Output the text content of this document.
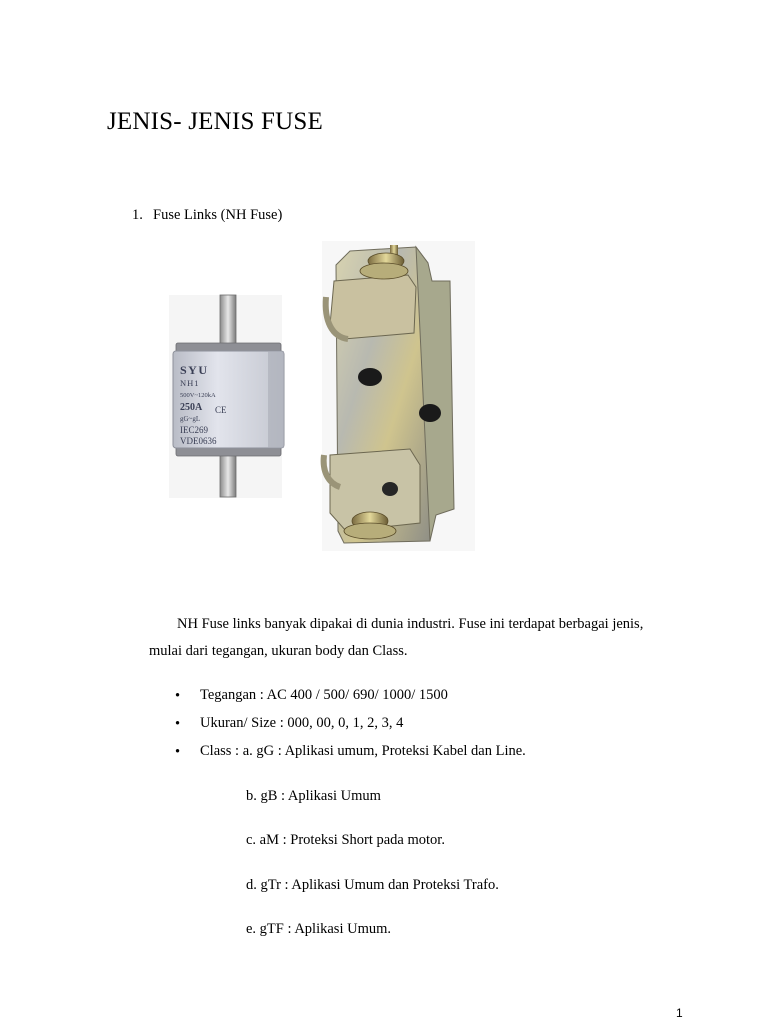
JENIS- JENIS FUSE
1. Fuse Links (NH Fuse)
SYU
NH1
500V~120kA
250A CE
gG~gL
IEC269
VDE0636
NH Fuse links banyak dipakai di dunia industri. Fuse ini terdapat berbagai jenis,
mulai dari tegangan, ukuran body dan Class.
• Tegangan : AC 400 / 500/ 690/ 1000/ 1500
• Ukuran/ Size : 000, 00, 0, 1, 2, 3, 4
• Class : a. gG : Aplikasi umum, Proteksi Kabel dan Line.
b. gB : Aplikasi Umum
c. aM : Proteksi Short pada motor.
d. gTr : Aplikasi Umum dan Proteksi Trafo.
e. gTF : Aplikasi Umum.
1
